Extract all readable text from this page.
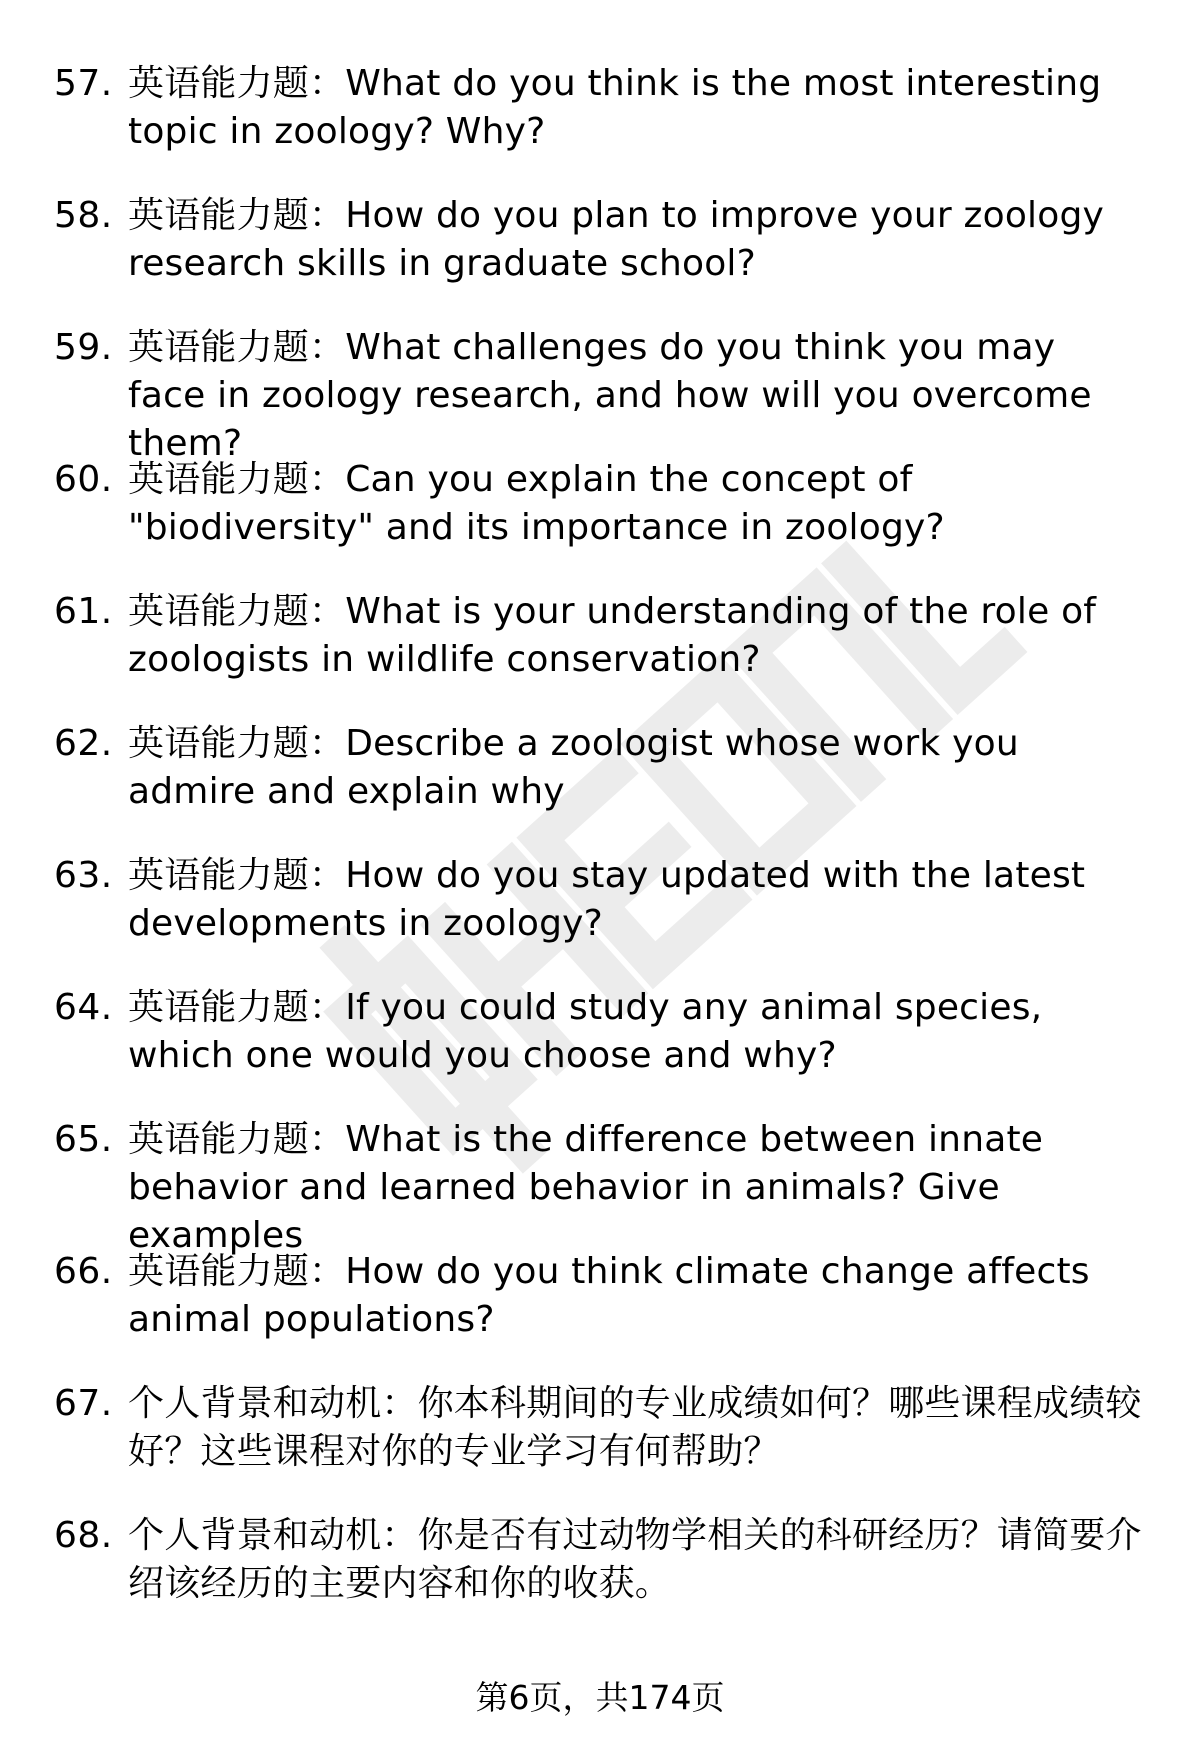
57. 英语能力题：What do you think is the most interesting topic in zoology? Why?
58. 英语能力题：How do you plan to improve your zoology research skills in graduate school?
59. 英语能力题：What challenges do you think you may face in zoology research, and how will you overcome them?
60. 英语能力题：Can you explain the concept of "biodiversity" and its importance in zoology?
61. 英语能力题：What is your understanding of the role of zoologists in wildlife conservation?
62. 英语能力题：Describe a zoologist whose work you admire and explain why
63. 英语能力题：How do you stay updated with the latest developments in zoology?
64. 英语能力题：If you could study any animal species, which one would you choose and why?
65. 英语能力题：What is the difference between innate behavior and learned behavior in animals? Give examples
66. 英语能力题：How do you think climate change affects animal populations?
67. 个人背景和动机：你本科期间的专业成绩如何？哪些课程成绩较好？这些课程对你的专业学习有何帮助？
68. 个人背景和动机：你是否有过动物学相关的科研经历？请简要介绍该经历的主要内容和你的收获。
第6页，共174页
